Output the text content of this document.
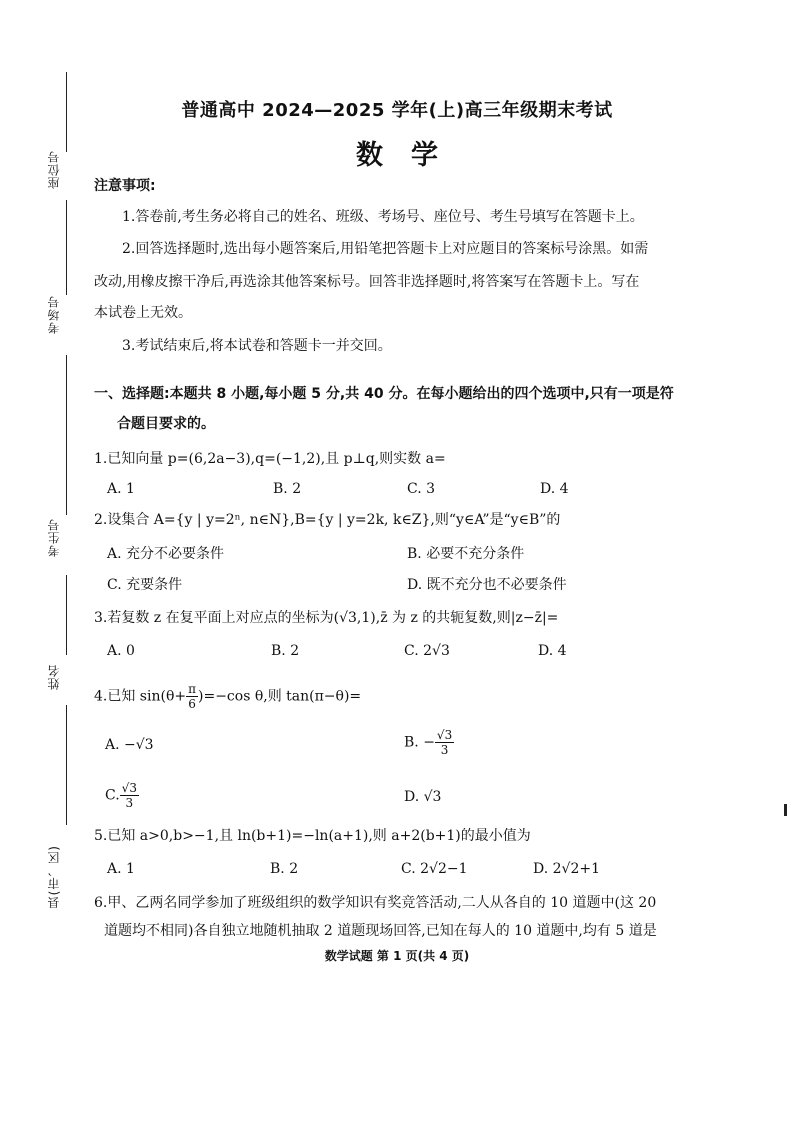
座位号
考场号
考生号
姓名
县(市、区)
普通高中 2024—2025 学年(上)高三年级期末考试
数学
注意事项:
1.答卷前,考生务必将自己的姓名、班级、考场号、座位号、考生号填写在答题卡上。
2.回答选择题时,选出每小题答案后,用铅笔把答题卡上对应题目的答案标号涂黑。如需
改动,用橡皮擦干净后,再选涂其他答案标号。回答非选择题时,将答案写在答题卡上。写在
本试卷上无效。
3.考试结束后,将本试卷和答题卡一并交回。
一、选择题:本题共 8 小题,每小题 5 分,共 40 分。在每小题给出的四个选项中,只有一项是符
合题目要求的。
1.已知向量 p=(6,2a−3),q=(−1,2),且 p⊥q,则实数 a=
A. 1	B. 2	C. 3	D. 4
2.设集合 A={y | y=2ⁿ, n∈N},B={y | y=2k, k∈Z},则“y∈A”是“y∈B”的
A. 充分不必要条件	B. 必要不充分条件
C. 充要条件	D. 既不充分也不必要条件
3.若复数 z 在复平面上对应点的坐标为(√3,1),z̄ 为 z 的共轭复数,则|z−z̄|=
A. 0	B. 2	C. 2√3	D. 4
4.已知 $\sin(\theta+ \frac{\pi}{6} )=-\cos$ θ,则 tan(π−θ)=
A. −√3	B. − $\frac{√3}{3}$
C. $\frac{√3}{3}$	D. √3
5.已知 a>0,b>−1,且 ln(b+1)=−ln(a+1),则 a+2(b+1)的最小值为
A. 1	B. 2	C. 2√2−1	D. 2√2+1
6.甲、乙两名同学参加了班级组织的数学知识有奖竞答活动,二人从各自的 10 道题中(这 20
道题均不相同)各自独立地随机抽取 2 道题现场回答,已知在每人的 10 道题中,均有 5 道是
数学试题 第 1 页(共 4 页)
